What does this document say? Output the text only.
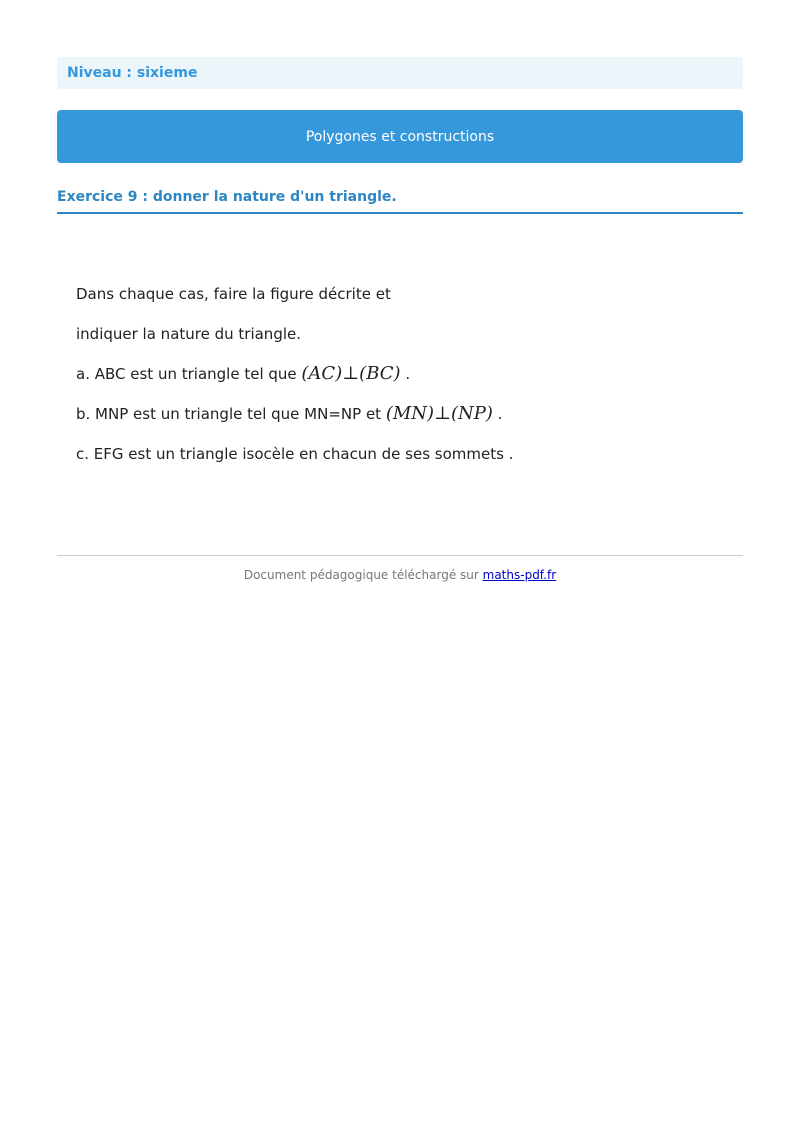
Niveau : sixieme
Polygones et constructions
Exercice 9 : donner la nature d'un triangle.
Dans chaque cas, faire la figure décrite et
indiquer la nature du triangle.
a. ABC est un triangle tel que (AC)⊥(BC) .
b. MNP est un triangle tel que MN=NP et (MN)⊥(NP) .
c. EFG est un triangle isocèle en chacun de ses sommets .
Document pédagogique téléchargé sur maths-pdf.fr
